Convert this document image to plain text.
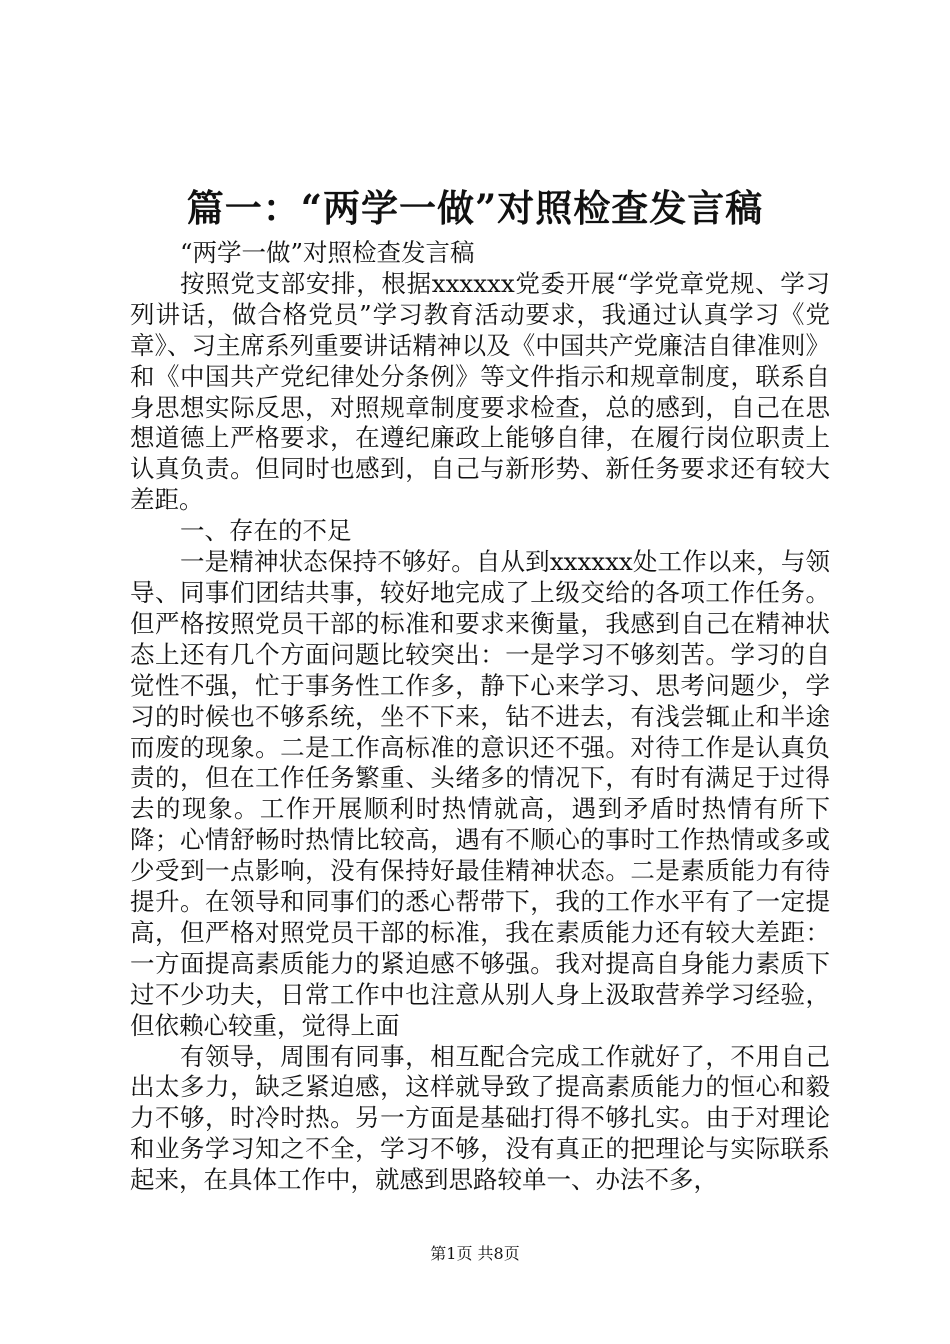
篇一：“两学一做”对照检查发言稿

“两学一做”对照检查发言稿

按照党支部安排，根据xxxxxx党委开展“学党章党规、学习列讲话，做合格党员”学习教育活动要求，我通过认真学习《党章》、习主席系列重要讲话精神以及《中国共产党廉洁自律准则》和《中国共产党纪律处分条例》等文件指示和规章制度，联系自身思想实际反思，对照规章制度要求检查，总的感到，自己在思想道德上严格要求，在遵纪廉政上能够自律，在履行岗位职责上认真负责。但同时也感到，自己与新形势、新任务要求还有较大差距。

一、存在的不足

一是精神状态保持不够好。自从到xxxxxx处工作以来，与领导、同事们团结共事，较好地完成了上级交给的各项工作任务。但严格按照党员干部的标准和要求来衡量，我感到自己在精神状态上还有几个方面问题比较突出：一是学习不够刻苦。学习的自觉性不强，忙于事务性工作多，静下心来学习、思考问题少，学习的时候也不够系统，坐不下来，钻不进去，有浅尝辄止和半途而废的现象。二是工作高标准的意识还不强。对待工作是认真负责的，但在工作任务繁重、头绪多的情况下，有时有满足于过得去的现象。工作开展顺利时热情就高，遇到矛盾时热情有所下降；心情舒畅时热情比较高，遇有不顺心的事时工作热情或多或少受到一点影响，没有保持好最佳精神状态。二是素质能力有待提升。在领导和同事们的悉心帮带下，我的工作水平有了一定提高，但严格对照党员干部的标准，我在素质能力还有较大差距：一方面提高素质能力的紧迫感不够强。我对提高自身能力素质下过不少功夫，日常工作中也注意从别人身上汲取营养学习经验，但依赖心较重，觉得上面

有领导，周围有同事，相互配合完成工作就好了，不用自己出太多力，缺乏紧迫感，这样就导致了提高素质能力的恒心和毅力不够，时冷时热。另一方面是基础打得不够扎实。由于对理论和业务学习知之不全，学习不够，没有真正的把理论与实际联系起来，在具体工作中，就感到思路较单一、办法不多，

第1页 共8页
